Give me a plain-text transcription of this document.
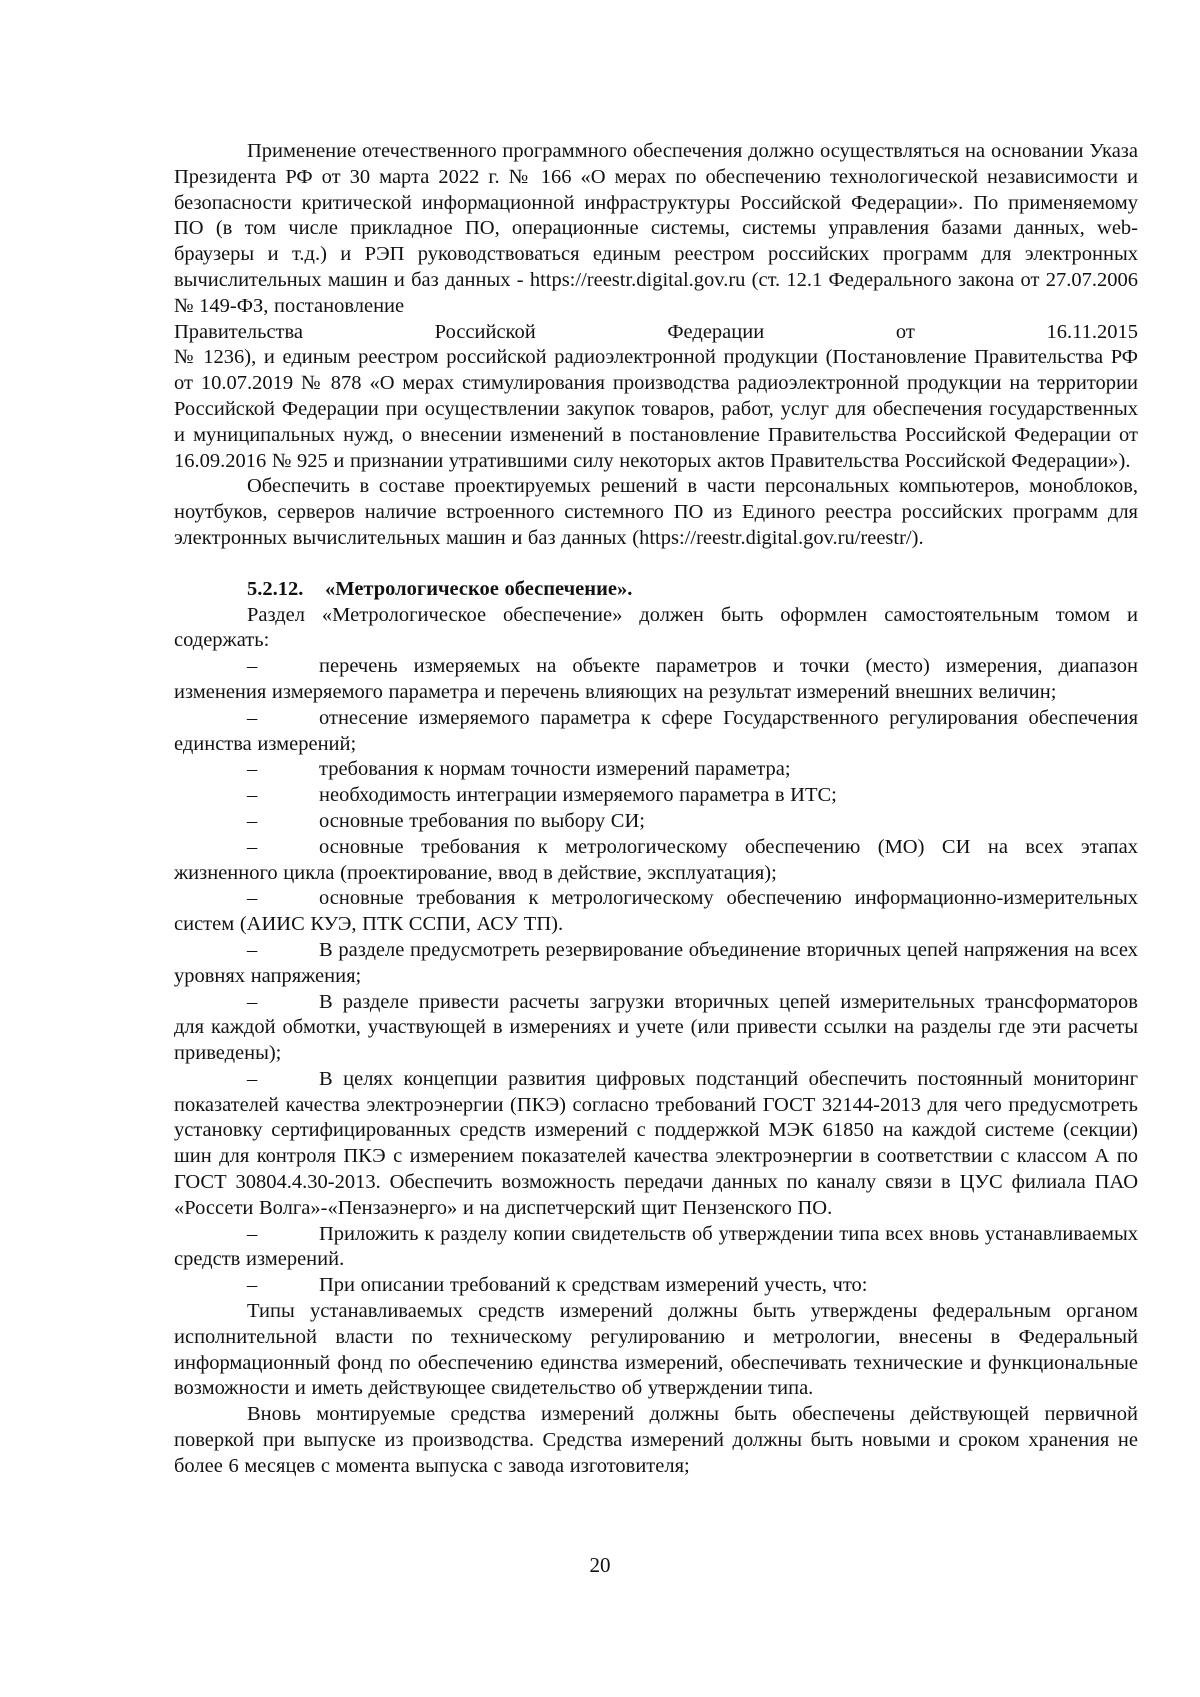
Применение отечественного программного обеспечения должно осуществляться на основании Указа Президента РФ от 30 марта 2022 г. № 166 «О мерах по обеспечению технологической независимости и безопасности критической информационной инфраструктуры Российской Федерации». По применяемому ПО (в том числе прикладное ПО, операционные системы, системы управления базами данных, web-браузеры и т.д.) и РЭП руководствоваться единым реестром российских программ для электронных вычислительных машин и баз данных - https://reestr.digital.gov.ru (ст. 12.1 Федерального закона от 27.07.2006 № 149-ФЗ, постановление

Правительства	Российской	Федерации	от	16.11.2015

№ 1236), и единым реестром российской радиоэлектронной продукции (Постановление Правительства РФ от 10.07.2019 № 878 «О мерах стимулирования производства радиоэлектронной продукции на территории Российской Федерации при осуществлении закупок товаров, работ, услуг для обеспечения государственных и муниципальных нужд, о внесении изменений в постановление Правительства Российской Федерации от 16.09.2016 № 925 и признании утратившими силу некоторых актов Правительства Российской Федерации»).

Обеспечить в составе проектируемых решений в части персональных компьютеров, моноблоков, ноутбуков, серверов наличие встроенного системного ПО из Единого реестра российских программ для электронных вычислительных машин и баз данных (https://reestr.digital.gov.ru/reestr/).

5.2.12. «Метрологическое обеспечение».

Раздел «Метрологическое обеспечение» должен быть оформлен самостоятельным томом и содержать:

–	перечень измеряемых на объекте параметров и точки (место) измерения, диапазон изменения измеряемого параметра и перечень влияющих на результат измерений внешних величин;

–	отнесение измеряемого параметра к сфере Государственного регулирования обеспечения единства измерений;

–	требования к нормам точности измерений параметра;

–	необходимость интеграции измеряемого параметра в ИТС;

–	основные требования по выбору СИ;

–	основные требования к метрологическому обеспечению (МО) СИ на всех этапах жизненного цикла (проектирование, ввод в действие, эксплуатация);

–	основные требования к метрологическому обеспечению информационно-измерительных систем (АИИС КУЭ, ПТК ССПИ, АСУ ТП).

–	В разделе предусмотреть резервирование объединение вторичных цепей напряжения на всех уровнях напряжения;

–	В разделе привести расчеты загрузки вторичных цепей измерительных трансформаторов для каждой обмотки, участвующей в измерениях и учете (или привести ссылки на разделы где эти расчеты приведены);

–	В целях концепции развития цифровых подстанций обеспечить постоянный мониторинг показателей качества электроэнергии (ПКЭ) согласно требований ГОСТ 32144-2013 для чего предусмотреть установку сертифицированных средств измерений с поддержкой МЭК 61850 на каждой системе (секции) шин для контроля ПКЭ с измерением показателей качества электроэнергии в соответствии с классом А по ГОСТ 30804.4.30-2013. Обеспечить возможность передачи данных по каналу связи в ЦУС филиала ПАО «Россети Волга»-«Пензаэнерго» и на диспетчерский щит Пензенского ПО.

–	Приложить к разделу копии свидетельств об утверждении типа всех вновь устанавливаемых средств измерений.

–	При описании требований к средствам измерений учесть, что:

Типы устанавливаемых средств измерений должны быть утверждены федеральным органом исполнительной власти по техническому регулированию и метрологии, внесены в Федеральный информационный фонд по обеспечению единства измерений, обеспечивать технические и функциональные возможности и иметь действующее свидетельство об утверждении типа.

Вновь монтируемые средства измерений должны быть обеспечены действующей первичной поверкой при выпуске из производства. Средства измерений должны быть новыми и сроком хранения не более 6 месяцев с момента выпуска с завода изготовителя;

20
